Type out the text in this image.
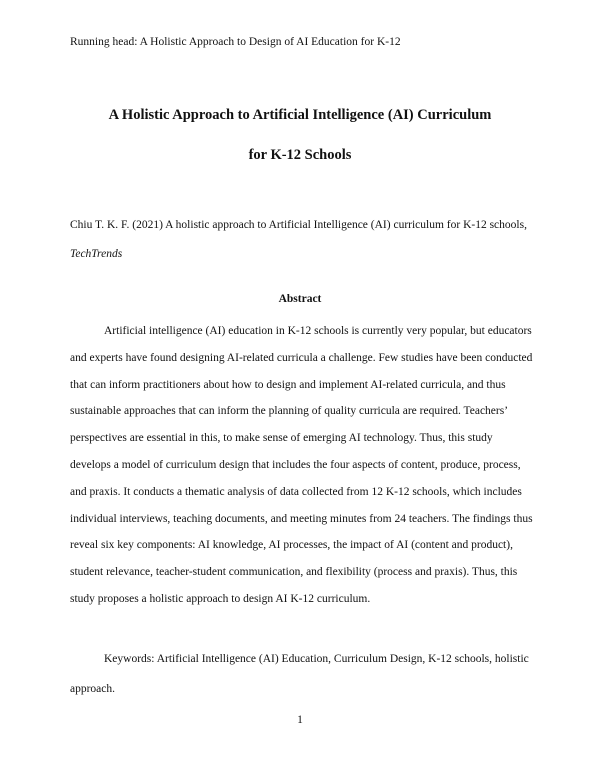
Running head: A Holistic Approach to Design of AI Education for K-12
A Holistic Approach to Artificial Intelligence (AI) Curriculum
for K-12 Schools
Chiu T. K. F. (2021) A holistic approach to Artificial Intelligence (AI) curriculum for K-12 schools, TechTrends
Abstract

Artificial intelligence (AI) education in K-12 schools is currently very popular, but educators and experts have found designing AI-related curricula a challenge. Few studies have been conducted that can inform practitioners about how to design and implement AI-related curricula, and thus sustainable approaches that can inform the planning of quality curricula are required. Teachers’ perspectives are essential in this, to make sense of emerging AI technology. Thus, this study develops a model of curriculum design that includes the four aspects of content, produce, process, and praxis. It conducts a thematic analysis of data collected from 12 K-12 schools, which includes individual interviews, teaching documents, and meeting minutes from 24 teachers. The findings thus reveal six key components: AI knowledge, AI processes, the impact of AI (content and product), student relevance, teacher-student communication, and flexibility (process and praxis). Thus, this study proposes a holistic approach to design AI K-12 curriculum.

Keywords: Artificial Intelligence (AI) Education, Curriculum Design, K-12 schools, holistic approach.

1
